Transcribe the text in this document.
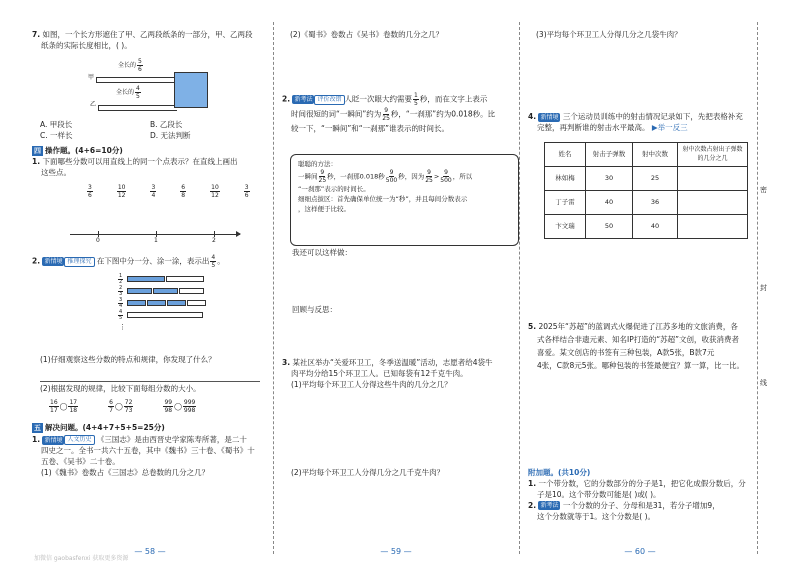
7. 如图，一个长方形遮住了甲、乙两段纸条的一部分，甲、乙两段
纸条的实际长度相比，( )。
全长的 $\frac{5}{6}$
甲
全长的 $\frac{4}{5}$
乙
A. 甲段长	B. 乙段长
C. 一样长	D. 无法判断
四 操作题。(4+6=10分)
1. 下面哪些分数可以用直线上的同一个点表示？在直线上画出
这些点。
$\frac{3}{6}$	$\frac{10}{12}$	$\frac{3}{4}$	$\frac{6}{8}$	$\frac{10}{12}$	$\frac{3}{6}$
0	1	2
2. 新情境 推理探究 在下图中分一分、涂一涂，表示出 $\frac{4}{5}$ 。
$\frac{1}{2}$
$\frac{2}{3}$
$\frac{3}{4}$
$\frac{4}{5}$
⋮
(1)仔细观察这些分数的特点和规律，你发现了什么？

(2)根据发现的规律，比较下面每组分数的大小。
$\frac{16}{17}$ ◯ $\frac{17}{18}$	$\frac{6}{7}$ ◯ $\frac{72}{73}$	$\frac{99}{98}$ ◯ $\frac{999}{998}$
五 解决问题。(4+4+7+5+5=25分)
1. 新情境 人文历史 《三国志》是由西晋史学家陈寿所著，是二十
四史之一。全书一共六十五卷，其中《魏书》三十卷、《蜀书》十
五卷、《吴书》二十卷。
(1)《魏书》卷数占《三国志》总卷数的几分之几？
— 58 —
加微信 gaobasfenxi 获取更多资源
(2)《蜀书》卷数占《吴书》卷数的几分之几？
2. 新考法 评价改错 人眨一次眼大约需要 $\frac{1}{5}$ 秒，而在文字上表示
时间很短的词“一瞬间”约为 $\frac{9}{25}$ 秒，“一刹那”约为0.018秒。比
较一下，“一瞬间”和“一刹那”谁表示的时间长。
聪聪的方法：
一瞬间 $\frac{9}{25}$ 秒，一刹那0.018秒 $\frac{9}{500}$ 秒，因为 $\frac{9}{25} > \frac{9}{500}$ ，所以
“一刹那”表示的时间长。
细细点拔区：首先确保单位统一为“秒”，并且每间分数表示
，这样便于比较。
我还可以这样做：
回顾与反思：
3. 某社区举办“关爱环卫工，冬季送温暖”活动，志愿者给4袋牛
肉平均分给15个环卫工人。已知每袋有12千克牛肉。
(1)平均每个环卫工人分得这些牛肉的几分之几？
(2)平均每个环卫工人分得几分之几千克牛肉？
— 59 —
(3)平均每个环卫工人分得几分之几袋牛肉？
4. 新情境 三个运动员训练中的射击情况记录如下，先把表格补充
完整，再判断谁的射击水平最高。 ▶举一反三
姓名	射击子弹数	射中次数	射中次数占射出子弹数的几分之几
林如梅	30	25	
丁子雷	40	36	
卞文瑞	50	40	
5. 2025年“苏超”的蓝调式火爆促进了江苏多地的文旅消费，各
式各样结合非遗元素、知名IP打造的“苏超”文创，收获消费者
喜爱。某文创店的书签有三种包装，A款5张，B款7元
4张，C款8元5张。哪种包装的书签最便宜？算一算，比一比。
附加题。(共10分)
1. 一个带分数，它的分数部分的分子是1，把它化成假分数后，分
子是10。这个带分数可能是( )或( )。
2. 新考法 一个分数的分子、分母和是31，若分子增加9，
这个分数就等于1。这个分数是( )。
— 60 —
密
封
线
